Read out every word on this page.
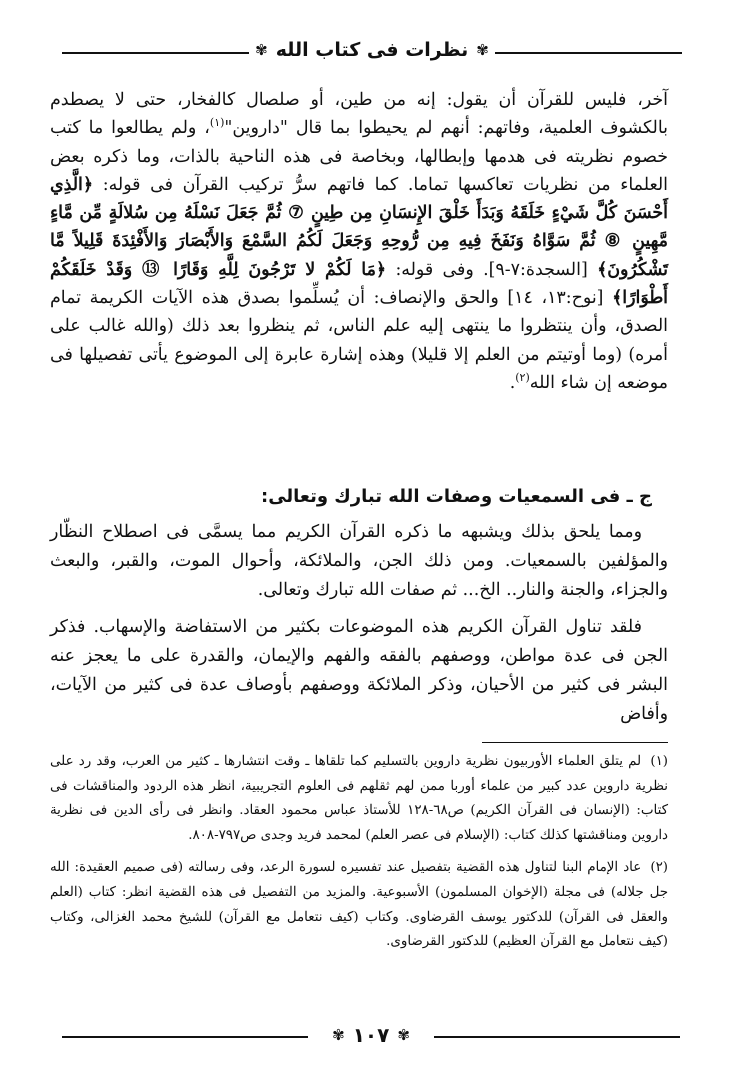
✾
نظرات فى كتاب الله
✾

آخر، فليس للقرآن أن يقول: إنه من طين، أو صلصال كالفخار، حتى لا يصطدم بالكشوف العلمية، وفاتهم: أنهم لم يحيطوا بما قال "داروين"$^{(١)}$، ولم يطالعوا ما كتب خصوم نظريته فى هدمها وإبطالها، وبخاصة فى هذه الناحية بالذات، وما ذكره بعض العلماء من نظريات تعاكسها تماما. كما فاتهم سرُّ تركيب القرآن فى قوله: ﴿الَّذِي أَحْسَنَ كُلَّ شَيْءٍ خَلَقَهُ وَبَدَأَ خَلْقَ الإِنسَانِ مِن طِينٍ ⑦ ثُمَّ جَعَلَ نَسْلَهُ مِن سُلالَةٍ مِّن مَّاءٍ مَّهِينٍ ⑧ ثُمَّ سَوَّاهُ وَنَفَخَ فِيهِ مِن رُّوحِهِ وَجَعَلَ لَكُمُ السَّمْعَ وَالأَبْصَارَ وَالأَفْئِدَةَ قَلِيلاً مَّا تَشْكُرُونَ﴾ [السجدة:٧-٩]. وفى قوله: ﴿مَا لَكُمْ لا تَرْجُونَ لِلَّهِ وَقَارًا ⑬ وَقَدْ خَلَقَكُمْ أَطْوَارًا﴾ [نوح:١٣، ١٤] والحق والإنصاف: أن يُسلِّموا بصدق هذه الآيات الكريمة تمام الصدق، وأن ينتظروا ما ينتهى إليه علم الناس، ثم ينظروا بعد ذلك (والله غالب على أمره) (وما أوتيتم من العلم إلا قليلا) وهذه إشارة عابرة إلى الموضوع يأتى تفصيلها فى موضعه إن شاء الله$^{(٢)}$.

ج ـ فى السمعيات وصفات الله تبارك وتعالى:

ومما يلحق بذلك ويشبهه ما ذكره القرآن الكريم مما يسمَّى فى اصطلاح النظّار والمؤلفين بالسمعيات. ومن ذلك الجن، والملائكة، وأحوال الموت، والقبر، والبعث والجزاء، والجنة والنار.. الخ... ثم صفات الله تبارك وتعالى.

فلقد تناول القرآن الكريم هذه الموضوعات بكثير من الاستفاضة والإسهاب. فذكر الجن فى عدة مواطن، ووصفهم بالفقه والفهم والإيمان، والقدرة على ما يعجز عنه البشر فى كثير من الأحيان، وذكر الملائكة ووصفهم بأوصاف عدة فى كثير من الآيات، وأفاض

(١) لم يتلق العلماء الأوربيون نظرية داروين بالتسليم كما تلقاها ـ وقت انتشارها ـ كثير من العرب، وقد رد على نظرية داروين عدد كبير من علماء أوربا ممن لهم ثقلهم فى العلوم التجريبية، انظر هذه الردود والمناقشات فى كتاب: (الإنسان فى القرآن الكريم) ص٦٨-١٢٨ للأستاذ عباس محمود العقاد. وانظر فى رأى الدين فى نظرية داروين ومناقشتها كذلك كتاب: (الإسلام فى عصر العلم) لمحمد فريد وجدى ص٧٩٧-٨٠٨.

(٢) عاد الإمام البنا لتناول هذه القضية بتفصيل عند تفسيره لسورة الرعد، وفى رسالته (فى صميم العقيدة: الله جل جلاله) فى مجلة (الإخوان المسلمون) الأسبوعية. والمزيد من التفصيل فى هذه القضية انظر: كتاب (العلم والعقل فى القرآن) للدكتور يوسف القرضاوى. وكتاب (كيف نتعامل مع القرآن) للشيخ محمد الغزالى، وكتاب (كيف نتعامل مع القرآن العظيم) للدكتور القرضاوى.

✾
١٠٧
✾
